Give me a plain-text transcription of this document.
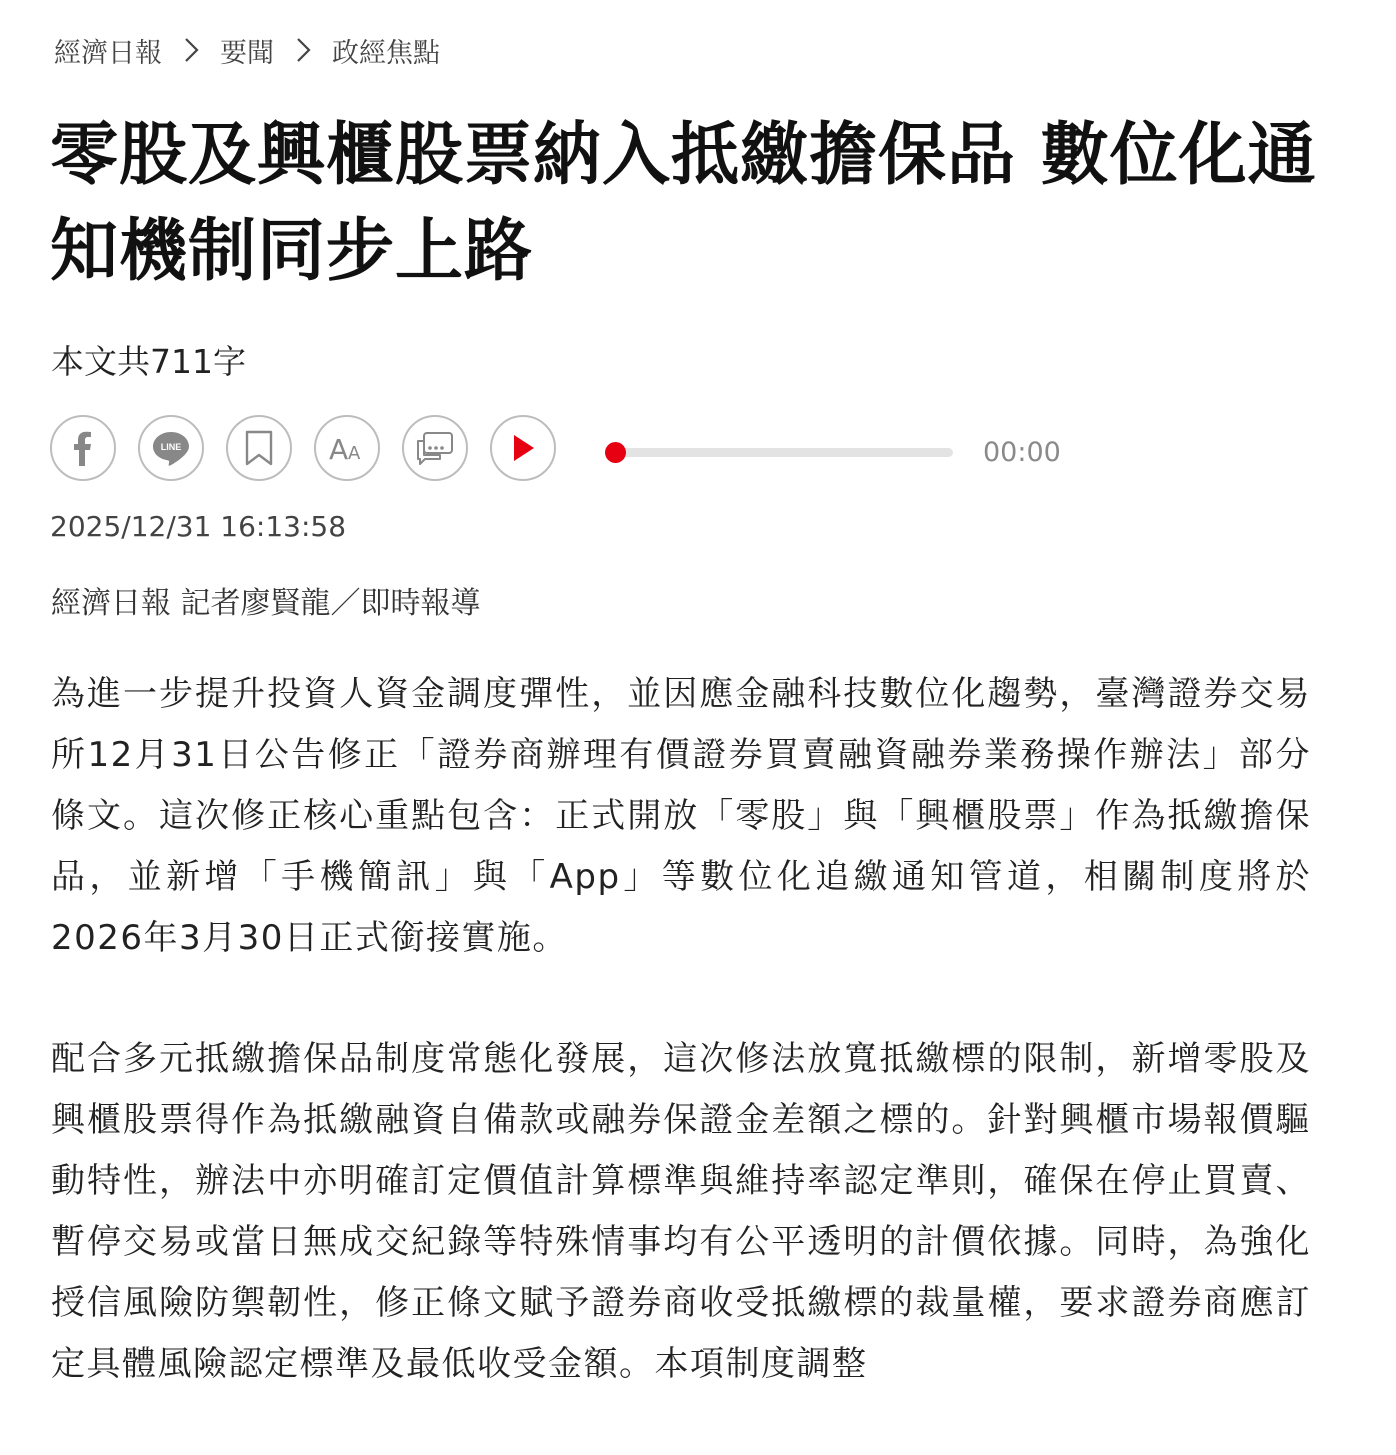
經濟日報 要聞 政經焦點
零股及興櫃股票納入抵繳擔保品 數位化通知機制同步上路
本文共711字
LINE	A A	00:00
2025/12/31 16:13:58
經濟日報 記者廖賢龍／即時報導

為進一步提升投資人資金調度彈性，並因應金融科技數位化趨勢，臺灣證券交易所12月31日公告修正「證券商辦理有價證券買賣融資融券業務操作辦法」部分條文。這次修正核心重點包含：正式開放「零股」與「興櫃股票」作為抵繳擔保品，並新增「手機簡訊」與「App」等數位化追繳通知管道，相關制度將於2026年3月30日正式銜接實施。

配合多元抵繳擔保品制度常態化發展，這次修法放寬抵繳標的限制，新增零股及興櫃股票得作為抵繳融資自備款或融券保證金差額之標的。針對興櫃市場報價驅動特性，辦法中亦明確訂定價值計算標準與維持率認定準則，確保在停止買賣、暫停交易或當日無成交紀錄等特殊情事均有公平透明的計價依據。同時，為強化授信風險防禦韌性，修正條文賦予證券商收受抵繳標的裁量權，要求證券商應訂定具體風險認定標準及最低收受金額。本項制度調整
